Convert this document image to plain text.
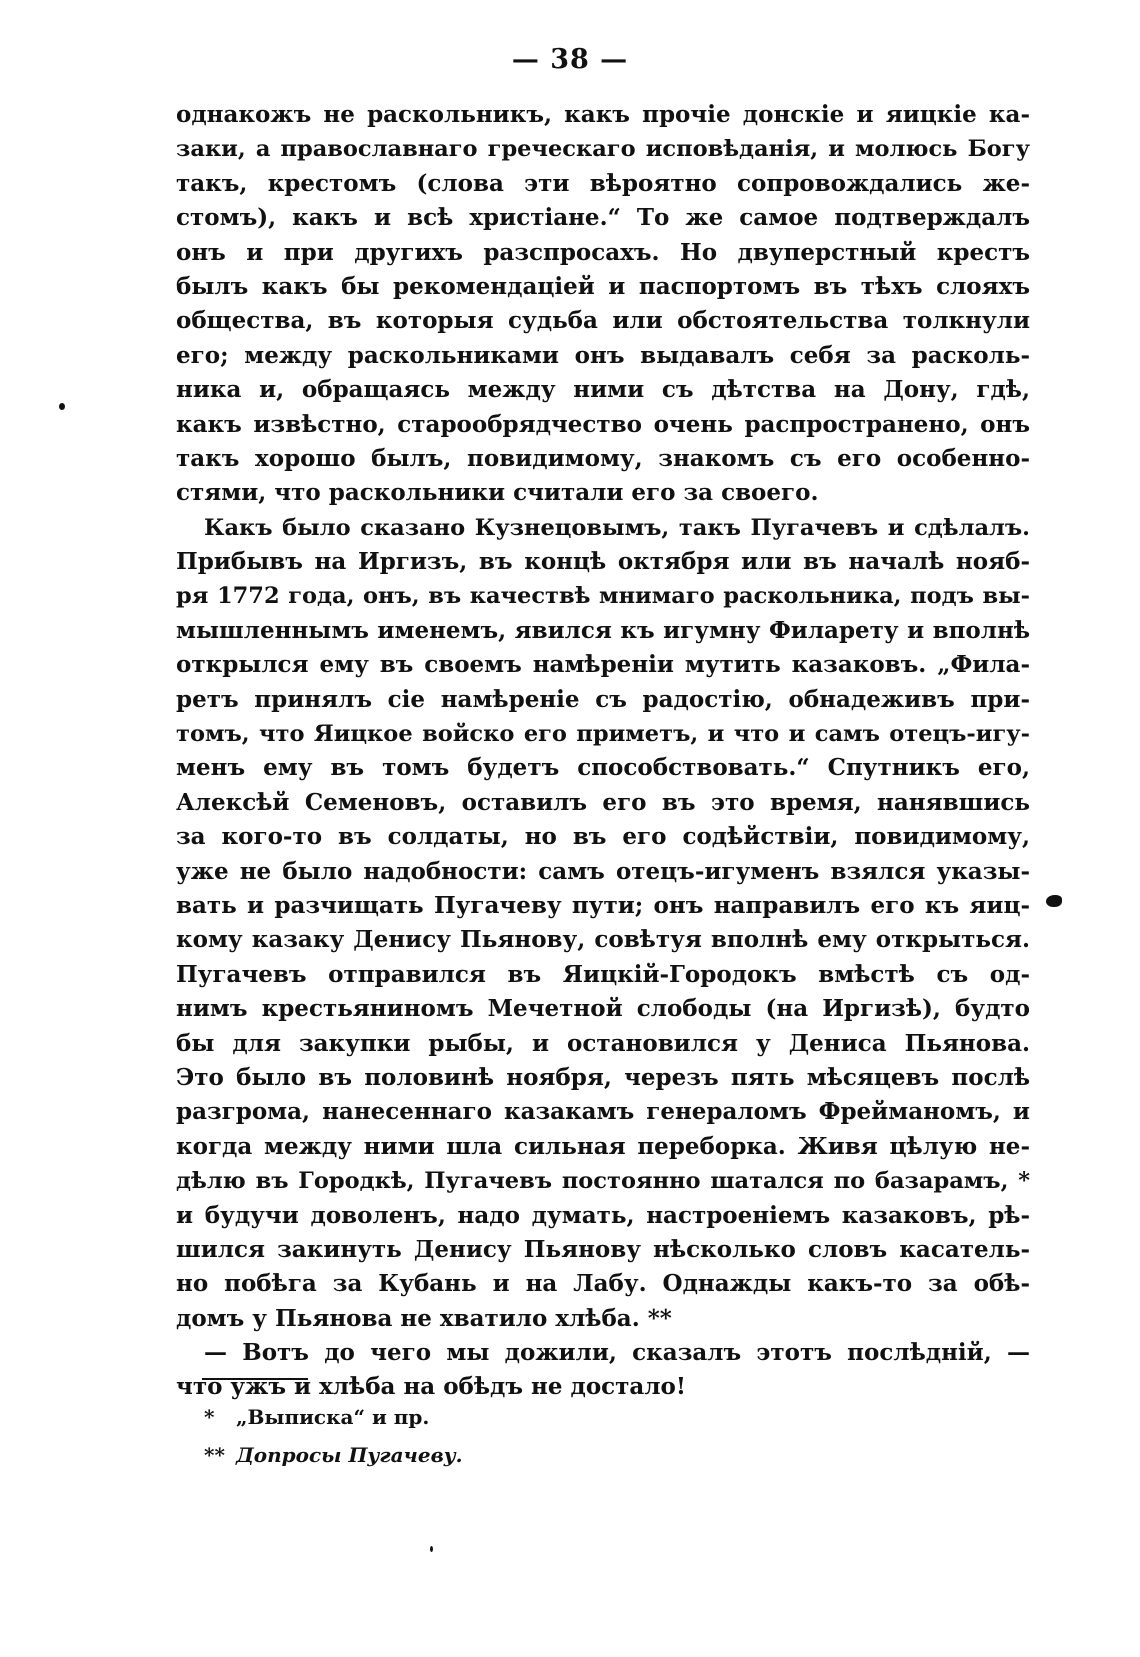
— 38 —
однакожъ не раскольникъ, какъ прочіе донскіе и яицкіе ка-
заки, а православнаго греческаго исповѣданія, и молюсь Богу
такъ, крестомъ (слова эти вѣроятно сопровождались же-
стомъ), какъ и всѣ христіане.“ То же самое подтверждалъ
онъ и при другихъ разспросахъ. Но двуперстный крестъ
былъ какъ бы рекомендаціей и паспортомъ въ тѣхъ слояхъ
общества, въ которыя судьба или обстоятельства толкнули
его; между раскольниками онъ выдавалъ себя за расколь-
ника и, обращаясь между ними съ дѣтства на Дону, гдѣ,
какъ извѣстно, старообрядчество очень распространено, онъ
такъ хорошо былъ, повидимому, знакомъ съ его особенно-
стями, что раскольники считали его за своего.
Какъ было сказано Кузнецовымъ, такъ Пугачевъ и сдѣлалъ.
Прибывъ на Иргизъ, въ концѣ октября или въ началѣ нояб-
ря 1772 года, онъ, въ качествѣ мнимаго раскольника, подъ вы-
мышленнымъ именемъ, явился къ игумну Филарету и вполнѣ
открылся ему въ своемъ намѣреніи мутить казаковъ. „Фила-
ретъ принялъ сіе намѣреніе съ радостію, обнадеживъ при-
томъ, что Яицкое войско его приметъ, и что и самъ отецъ-игу-
менъ ему въ томъ будетъ способствовать.“ Спутникъ его,
Алексѣй Семеновъ, оставилъ его въ это время, нанявшись
за кого-то въ солдаты, но въ его содѣйствіи, повидимому,
уже не было надобности: самъ отецъ-игуменъ взялся указы-
вать и разчищать Пугачеву пути; онъ направилъ его къ яиц-
кому казаку Денису Пьянову, совѣтуя вполнѣ ему открыться.
Пугачевъ отправился въ Яицкій-Городокъ вмѣстѣ съ од-
нимъ крестьяниномъ Мечетной слободы (на Иргизѣ), будто
бы для закупки рыбы, и остановился у Дениса Пьянова.
Это было въ половинѣ ноября, черезъ пять мѣсяцевъ послѣ
разгрома, нанесеннаго казакамъ генераломъ Фрейманомъ, и
когда между ними шла сильная переборка. Живя цѣлую не-
дѣлю въ Городкѣ, Пугачевъ постоянно шатался по базарамъ, *
и будучи доволенъ, надо думать, настроеніемъ казаковъ, рѣ-
шился закинуть Денису Пьянову нѣсколько словъ касатель-
но побѣга за Кубань и на Лабу. Однажды какъ-то за обѣ-
домъ у Пьянова не хватило хлѣба. **
— Вотъ до чего мы дожили, сказалъ этотъ послѣдній, —
что ужъ и хлѣба на обѣдъ не достало!
* „Выписка“ и пр.
** Допросы Пугачеву.
